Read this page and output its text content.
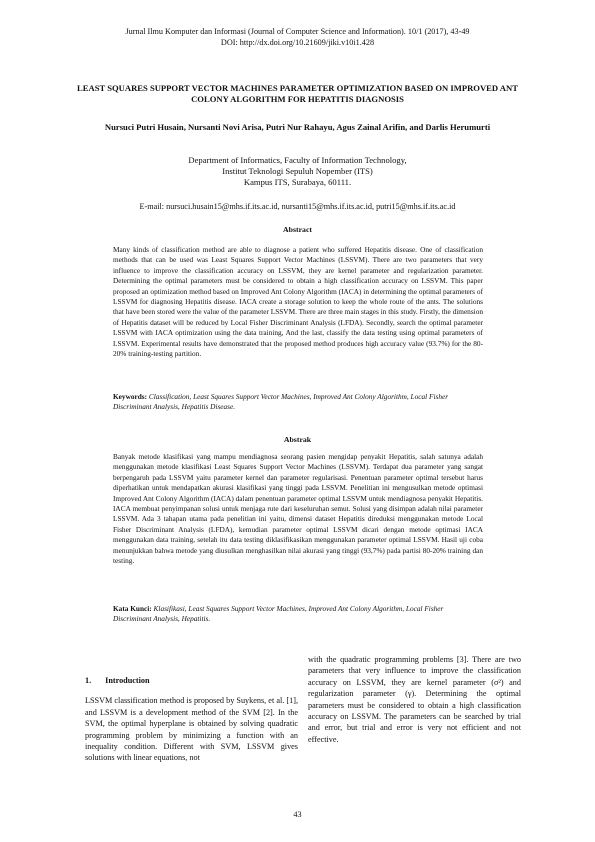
Jurnal Ilmu Komputer dan Informasi (Journal of Computer Science and Information). 10/1 (2017), 43-49
DOI: http://dx.doi.org/10.21609/jiki.v10i1.428
LEAST SQUARES SUPPORT VECTOR MACHINES PARAMETER OPTIMIZATION BASED ON IMPROVED ANT COLONY ALGORITHM FOR HEPATITIS DIAGNOSIS
Nursuci Putri Husain, Nursanti Novi Arisa, Putri Nur Rahayu, Agus Zainal Arifin, and Darlis Herumurti
Department of Informatics, Faculty of Information Technology,
Institut Teknologi Sepuluh Nopember (ITS)
Kampus ITS, Surabaya, 60111.
E-mail: nursuci.husain15@mhs.if.its.ac.id, nursanti15@mhs.if.its.ac.id, putri15@mhs.if.its.ac.id
Abstract
Many kinds of classification method are able to diagnose a patient who suffered Hepatitis disease. One of classification methods that can be used was Least Squares Support Vector Machines (LSSVM). There are two parameters that very influence to improve the classification accuracy on LSSVM, they are kernel parameter and regularization parameter. Determining the optimal parameters must be considered to obtain a high classification accuracy on LSSVM. This paper proposed an optimization method based on Improved Ant Colony Algorithm (IACA) in determining the optimal parameters of LSSVM for diagnosing Hepatitis disease. IACA create a storage solution to keep the whole route of the ants. The solutions that have been stored were the value of the parameter LSSVM. There are three main stages in this study. Firstly, the dimension of Hepatitis dataset will be reduced by Local Fisher Discriminant Analysis (LFDA). Secondly, search the optimal parameter LSSVM with IACA optimization using the data training, And the last, classify the data testing using optimal parameters of LSSVM. Experimental results have demonstrated that the proposed method produces high accuracy value (93.7%) for the 80-20% training-testing partition.
Keywords: Classification, Least Squares Support Vector Machines, Improved Ant Colony Algorithm, Local Fisher Discriminant Analysis, Hepatitis Disease.
Abstrak
Banyak metode klasifikasi yang mampu mendiagnosa seorang pasien mengidap penyakit Hepatitis, salah satunya adalah menggunakan metode klasifikasi Least Squares Support Vector Machines (LSSVM). Terdapat dua parameter yang sangat berpengaruh pada LSSVM yaitu parameter kernel dan parameter regularisasi. Penentuan parameter optimal tersebut harus diperhatikan untuk mendapatkan akurasi klasifikasi yang tinggi pada LSSVM. Penelitian ini mengusulkan metode optimasi Improved Ant Colony Algorithm (IACA) dalam penentuan parameter optimal LSSVM untuk mendiagnosa penyakit Hepatitis. IACA membuat penyimpanan solusi untuk menjaga rute dari keseluruhan semut. Solusi yang disimpan adalah nilai parameter LSSVM. Ada 3 tahapan utama pada penelitian ini yaitu, dimensi dataset Hepatitis direduksi menggunakan metode Local Fisher Discriminant Analysis (LFDA), kemudian parameter optimal LSSVM dicari dengan metode optimasi IACA menggunakan data training, setelah itu data testing diklasifikasikan menggunakan parameter optimal LSSVM. Hasil uji coba menunjukkan bahwa metode yang diusulkan menghasilkan nilai akurasi yang tinggi (93,7%) pada partisi 80-20% training dan testing.
Kata Kunci: Klasifikasi, Least Squares Support Vector Machines, Improved Ant Colony Algorithm, Local Fisher Discriminant Analysis, Hepatitis.
1. Introduction
LSSVM classification method is proposed by Suykens, et al. [1], and LSSVM is a development method of the SVM [2]. In the SVM, the optimal hyperplane is obtained by solving quadratic programming problem by minimizing a function with an inequality condition. Different with SVM, LSSVM gives solutions with linear equations, not
with the quadratic programming problems [3]. There are two parameters that very influence to improve the classification accuracy on LSSVM, they are kernel parameter (σ²) and regularization parameter (γ). Determining the optimal parameters must be considered to obtain a high classification accuracy on LSSVM. The parameters can be searched by trial and error, but trial and error is very not efficient and not effective.
43
